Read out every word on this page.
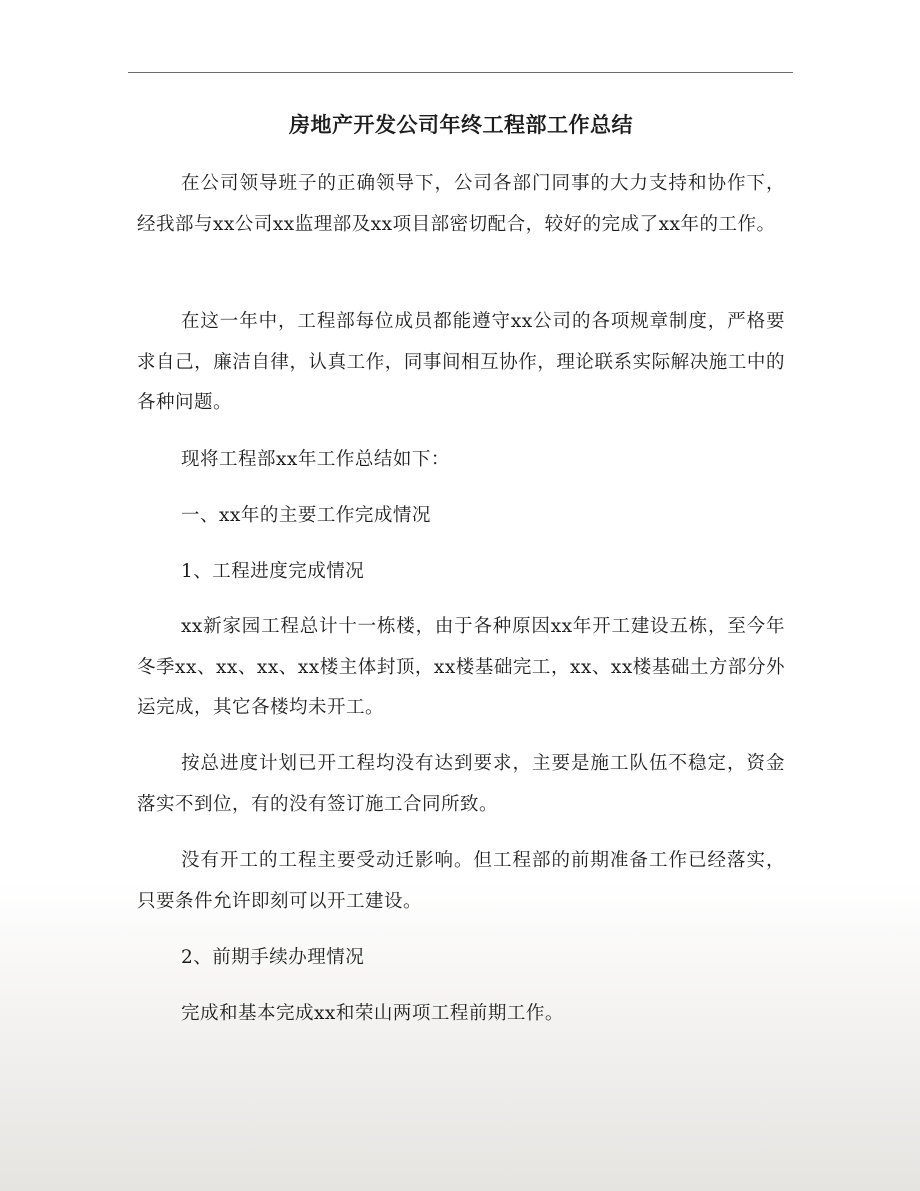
房地产开发公司年终工程部工作总结

在公司领导班子的正确领导下，公司各部门同事的大力支持和协作下，经我部与xx公司xx监理部及xx项目部密切配合，较好的完成了xx年的工作。

在这一年中，工程部每位成员都能遵守xx公司的各项规章制度，严格要求自己，廉洁自律，认真工作，同事间相互协作，理论联系实际解决施工中的各种问题。

现将工程部xx年工作总结如下：

一、xx年的主要工作完成情况

1、工程进度完成情况

xx新家园工程总计十一栋楼，由于各种原因xx年开工建设五栋，至今年冬季xx、xx、xx、xx楼主体封顶，xx楼基础完工，xx、xx楼基础土方部分外运完成，其它各楼均未开工。

按总进度计划已开工程均没有达到要求，主要是施工队伍不稳定，资金落实不到位，有的没有签订施工合同所致。

没有开工的工程主要受动迁影响。但工程部的前期准备工作已经落实，只要条件允许即刻可以开工建设。

2、前期手续办理情况

完成和基本完成xx和荣山两项工程前期工作。
